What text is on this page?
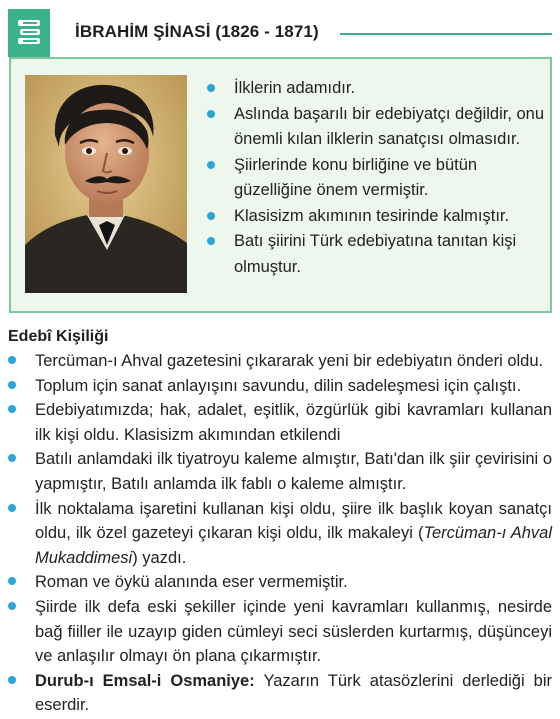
İBRAHİM ŞİNASİ (1826 - 1871)
İlklerin adamıdır.
Aslında başarılı bir edebiyatçı değildir, onu önemli kılan ilklerin sanatçısı olmasıdır.
Şiirlerinde konu birliğine ve bütün güzelliğine önem vermiştir.
Klasisizm akımının tesirinde kalmıştır.
Batı şiirini Türk edebiyatına tanıtan kişi olmuştur.
Edebî Kişiliği
Tercüman-ı Ahval gazetesini çıkararak yeni bir edebiyatın önderi oldu.
Toplum için sanat anlayışını savundu, dilin sadeleşmesi için çalıştı.
Edebiyatımızda; hak, adalet, eşitlik, özgürlük gibi kavramları kullanan ilk kişi oldu. Klasisizm akımından etkilendi
Batılı anlamdaki ilk tiyatroyu kaleme almıştır, Batı'dan ilk şiir çevirisini o yapmıştır, Batılı anlamda ilk fablı o kaleme almıştır.
İlk noktalama işaretini kullanan kişi oldu, şiire ilk başlık koyan sanatçı oldu, ilk özel gazeteyi çıkaran kişi oldu, ilk makaleyi (Tercüman-ı Ahval Mukaddimesi) yazdı.
Roman ve öykü alanında eser vermemiştir.
Şiirde ilk defa eski şekiller içinde yeni kavramları kullanmış, nesirde bağ fiiller ile uzayıp giden cümleyi seci süslerden kurtarmış, düşünceyi ve anlaşılır olmayı ön plana çıkarmıştır.
Durub-ı Emsal-i Osmaniye: Yazarın Türk atasözlerini derlediği bir eserdir.
